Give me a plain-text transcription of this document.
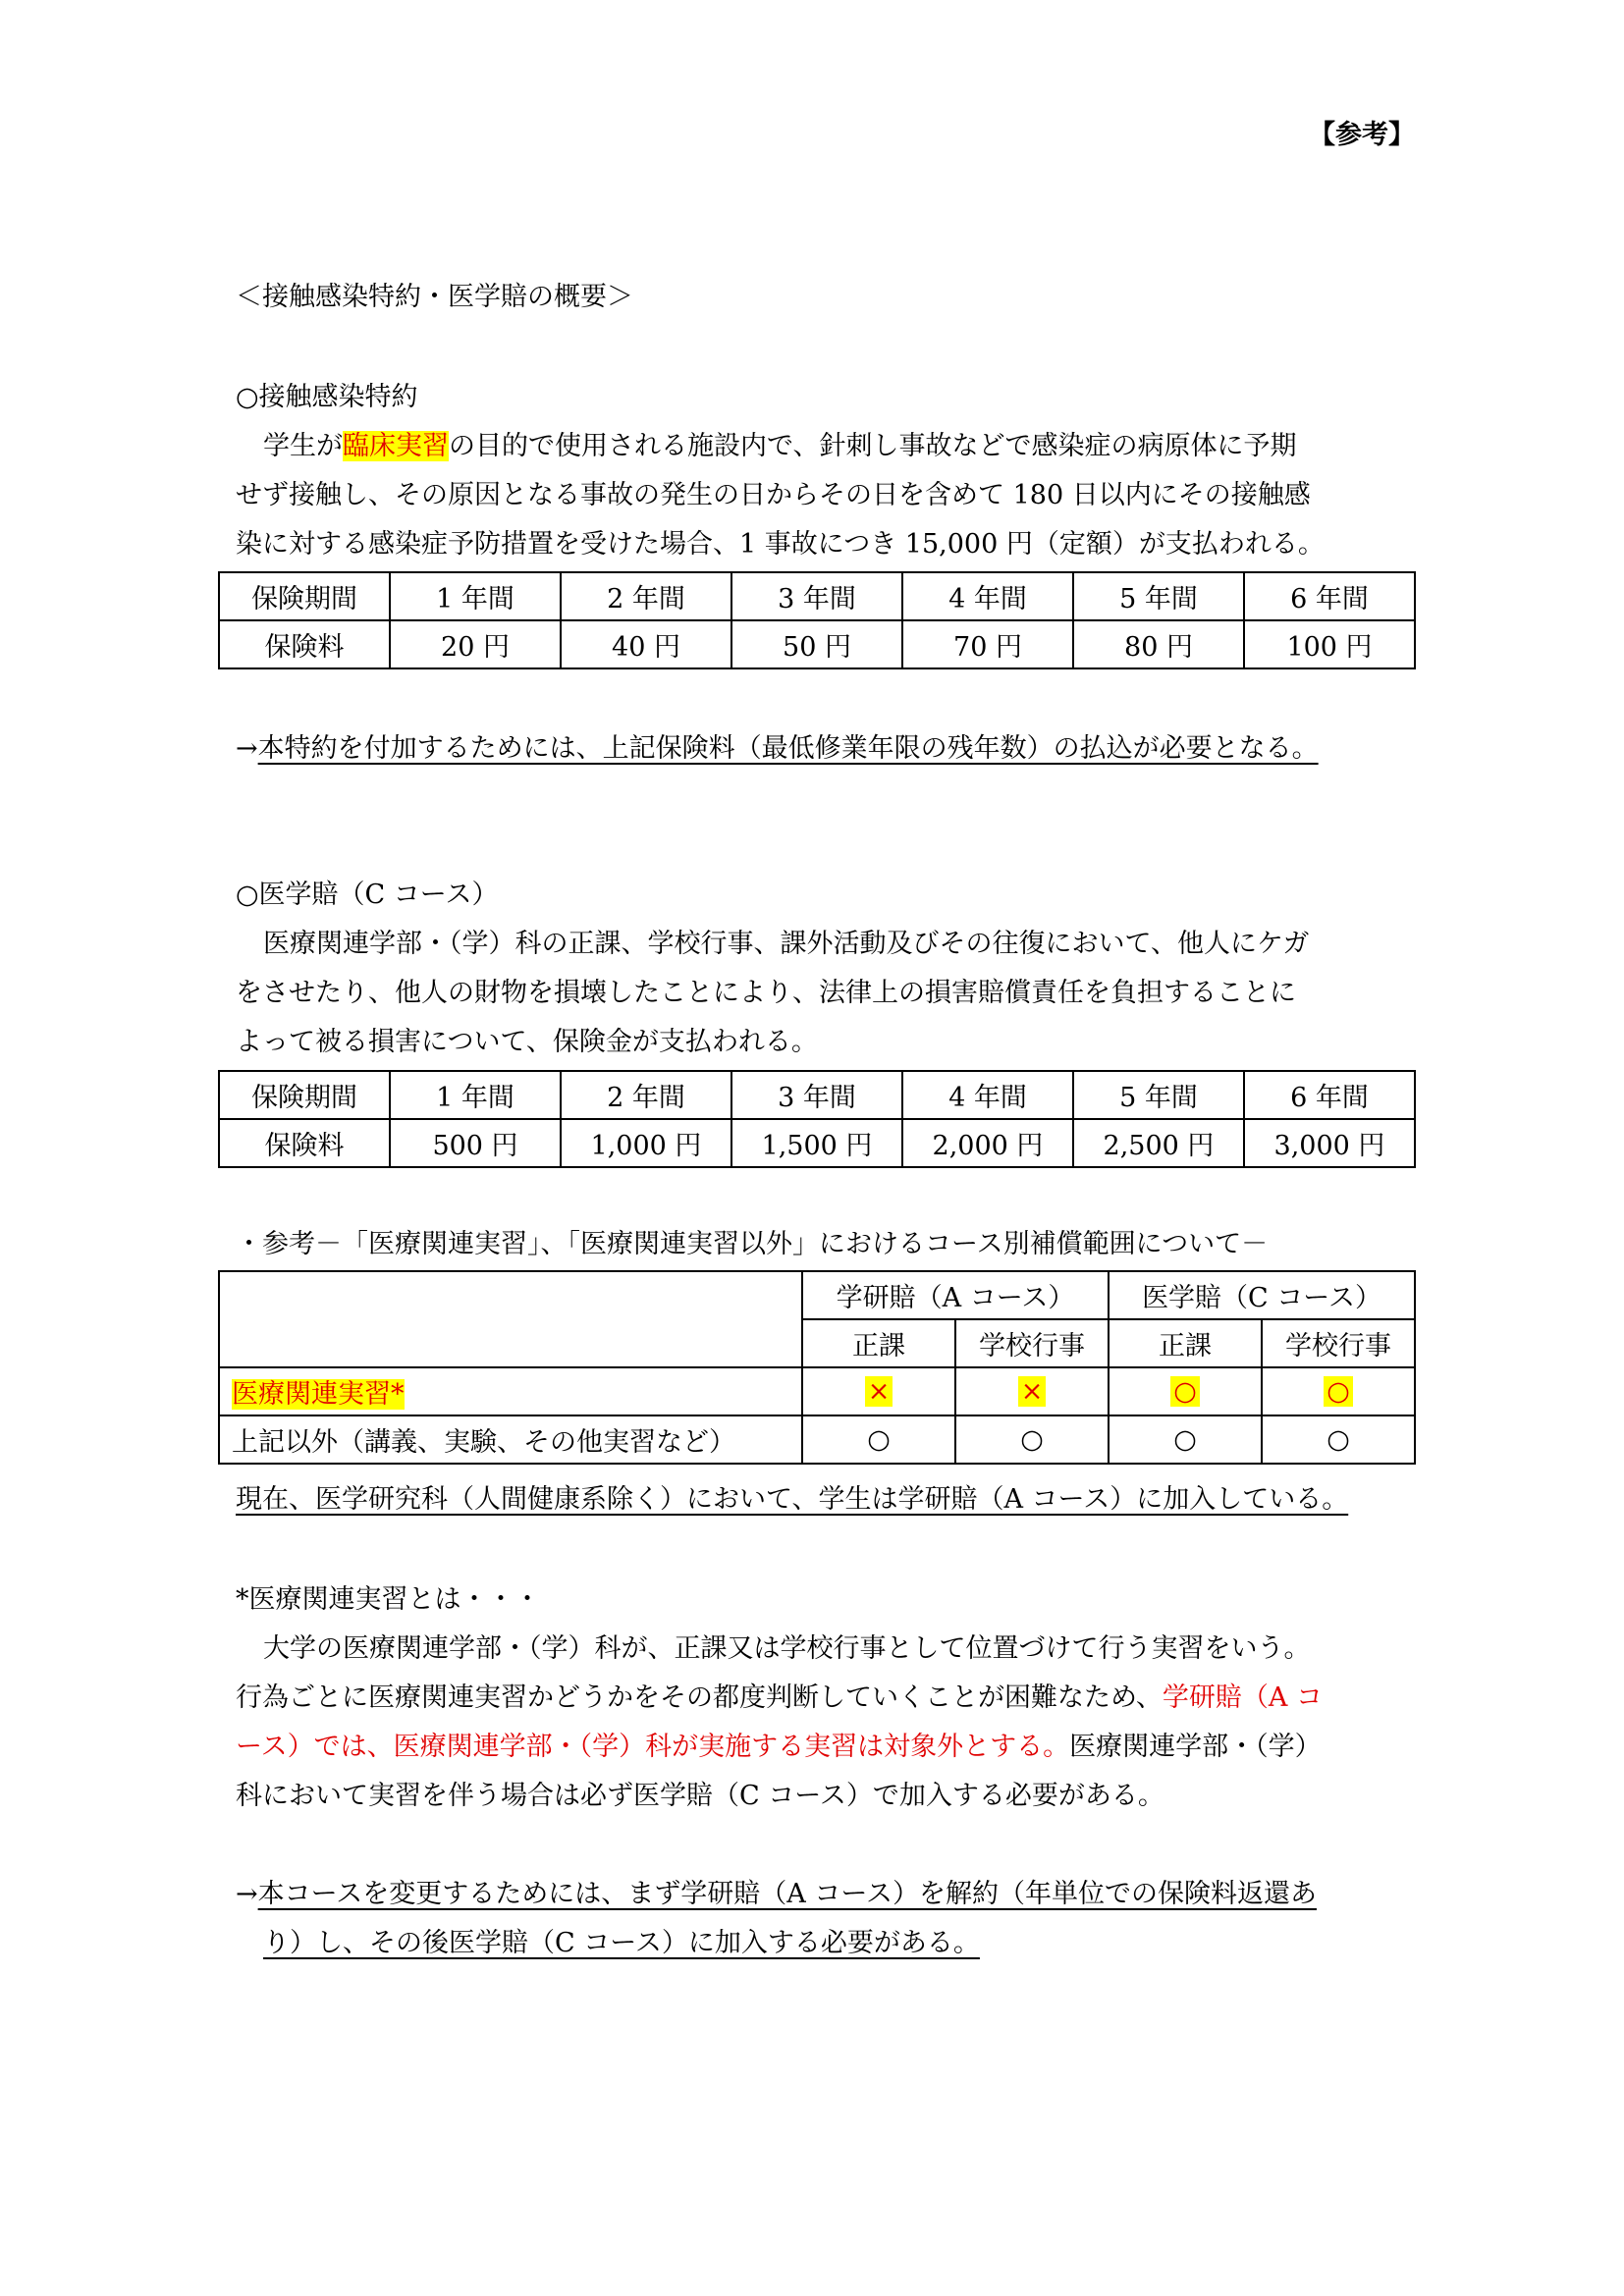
【参考】
＜接触感染特約・医学賠の概要＞
○接触感染特約
学生が臨床実習の目的で使用される施設内で、針刺し事故などで感染症の病原体に予期
せず接触し、その原因となる事故の発生の日からその日を含めて 180 日以内にその接触感
染に対する感染症予防措置を受けた場合、1 事故につき 15,000 円（定額）が支払われる。
保険期間	1 年間	2 年間	3 年間	4 年間	5 年間	6 年間
保険料	20 円	40 円	50 円	70 円	80 円	100 円
→本特約を付加するためには、上記保険料（最低修業年限の残年数）の払込が必要となる。
○医学賠（C コース）
医療関連学部・（学）科の正課、学校行事、課外活動及びその往復において、他人にケガ
をさせたり、他人の財物を損壊したことにより、法律上の損害賠償責任を負担することに
よって被る損害について、保険金が支払われる。
保険期間	1 年間	2 年間	3 年間	4 年間	5 年間	6 年間
保険料	500 円	1,000 円	1,500 円	2,000 円	2,500 円	3,000 円
・参考－「医療関連実習」、「医療関連実習以外」におけるコース別補償範囲について－
	学研賠（A コース）		医学賠（C コース）	
	正課	学校行事	正課	学校行事
医療関連実習*	×	×	○	○
上記以外（講義、実験、その他実習など）	○	○	○	○
現在、医学研究科（人間健康系除く）において、学生は学研賠（A コース）に加入している。
*医療関連実習とは・・・
大学の医療関連学部・（学）科が、正課又は学校行事として位置づけて行う実習をいう。
行為ごとに医療関連実習かどうかをその都度判断していくことが困難なため、学研賠（A コ
ース）では、医療関連学部・（学）科が実施する実習は対象外とする。医療関連学部・（学）
科において実習を伴う場合は必ず医学賠（C コース）で加入する必要がある。
→本コースを変更するためには、まず学研賠（A コース）を解約（年単位での保険料返還あ
り）し、その後医学賠（C コース）に加入する必要がある。
